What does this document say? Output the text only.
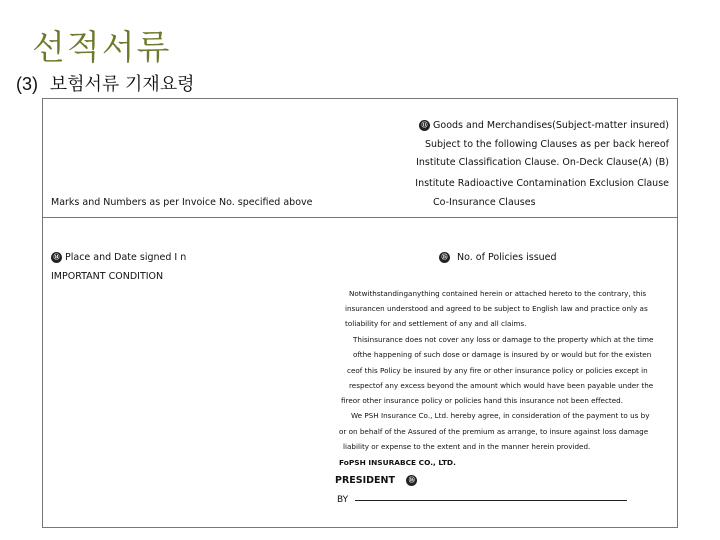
선적서류
(3) 보험서류 기재요령
⑪ Goods and Merchandises(Subject-matter insured)
Subject to the following Clauses as per back hereof
Institute Classification Clause. On-Deck Clause(A) (B)
Institute Radioactive Contamination Exclusion Clause
Marks and Numbers as per Invoice No. specified above	Co-Insurance Clauses
⑭ Place and Date signed I n	⑮ No. of Policies issued
IMPORTANT CONDITION
Notwithstandinganything contained herein or attached hereto to the contrary, this
insurancen understood and agreed to be subject to English law and practice only as
toliability for and settlement of any and all claims.
Thisinsurance does not cover any loss or damage to the property which at the time
ofthe happening of such dose or damage is insured by or would but for the existen
ceof this Policy be insured by any fire or other insurance policy or policies except in
respectof any excess beyond the amount which would have been payable under the
fireor other insurance policy or policies hand this insurance not been effected.
We PSH Insurance Co., Ltd. hereby agree, in consideration of the payment to us by
or on behalf of the Assured of the premium as arrange, to insure against loss damage
liability or expense to the extent and in the manner herein provided.
FoPSH INSURABCE CO., LTD.
PRESIDENT ⑯
BY
